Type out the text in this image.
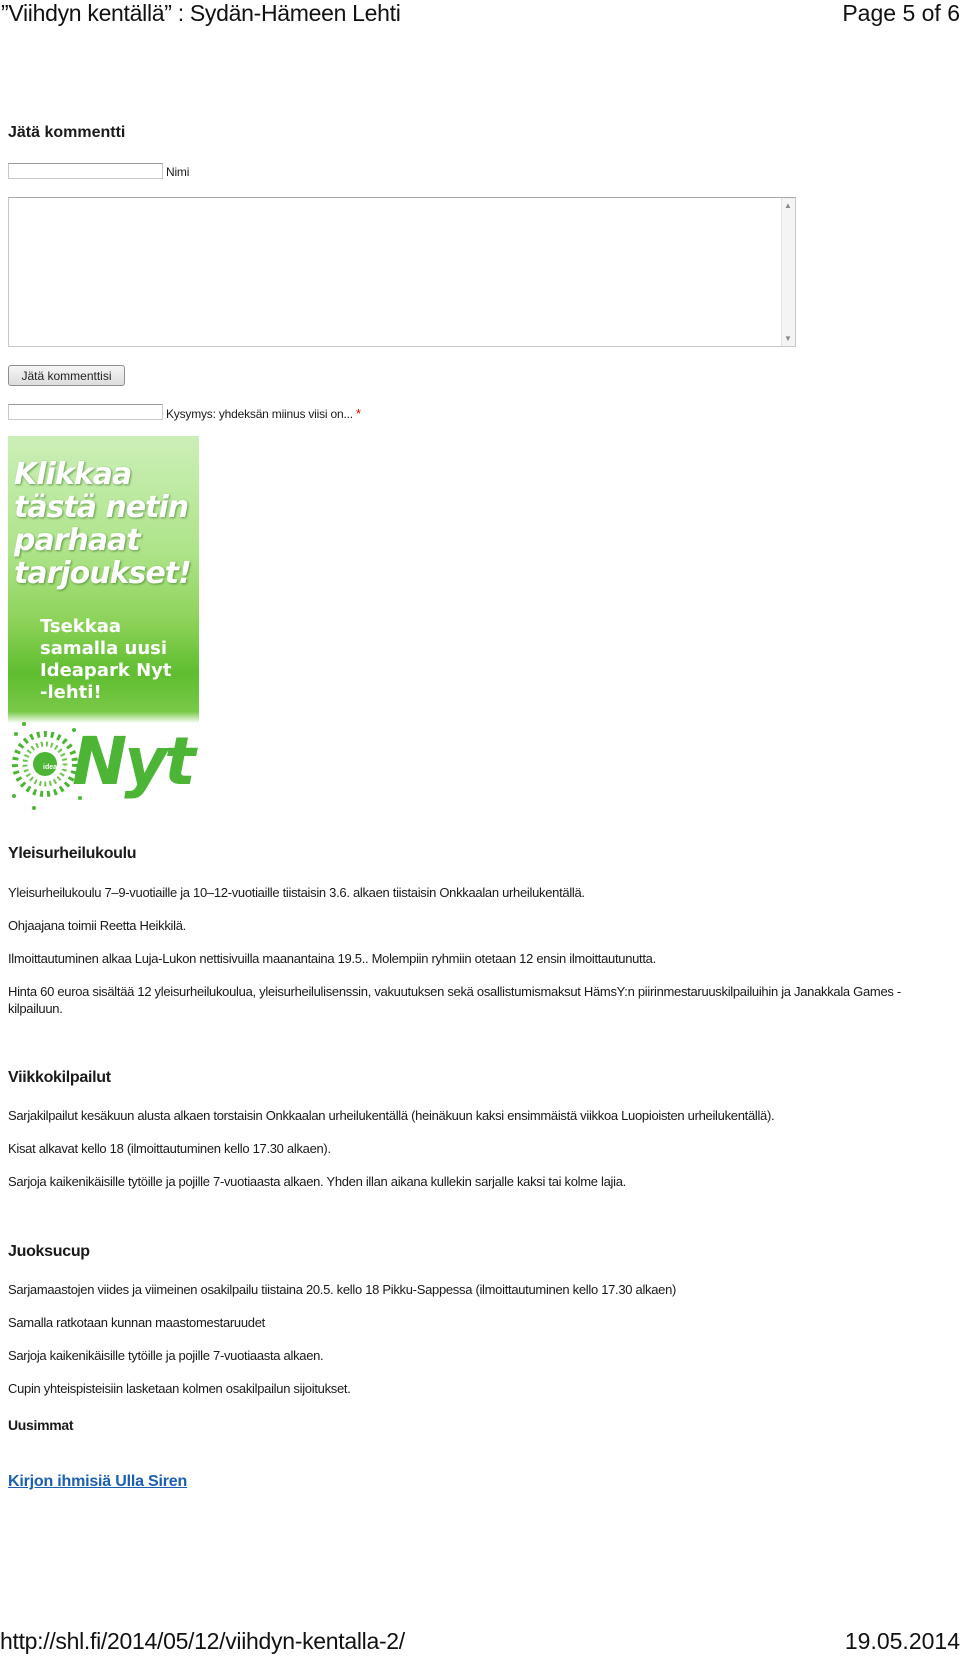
”Viihdyn kentällä” : Sydän-Hämeen Lehti	Page 5 of 6
Jätä kommentti
Nimi
▲
▼
Jätä kommenttisi
Kysymys: yhdeksän miinus viisi on... *
Klikkaa
tästä netin
parhaat
tarjoukset!
Tsekkaa
samalla uusi
Ideapark Nyt
-lehti!
ideapark Nyt
Yleisurheilukoulu

Yleisurheilukoulu 7–9-vuotiaille ja 10–12-vuotiaille tiistaisin 3.6. alkaen tiistaisin Onkkaalan urheilukentällä.

Ohjaajana toimii Reetta Heikkilä.

Ilmoittautuminen alkaa Luja-Lukon nettisivuilla maanantaina 19.5.. Molempiin ryhmiin otetaan 12 ensin ilmoittautunutta.

Hinta 60 euroa sisältää 12 yleisurheilukoulua, yleisurheilulisenssin, vakuutuksen sekä osallistumismaksut HämsY:n piirinmestaruuskilpailuihin ja Janakkala Games -kilpailuun.

Viikkokilpailut

Sarjakilpailut kesäkuun alusta alkaen torstaisin Onkkaalan urheilukentällä (heinäkuun kaksi ensimmäistä viikkoa Luopioisten urheilukentällä).

Kisat alkavat kello 18 (ilmoittautuminen kello 17.30 alkaen).

Sarjoja kaikenikäisille tytöille ja pojille 7-vuotiaasta alkaen. Yhden illan aikana kullekin sarjalle kaksi tai kolme lajia.

Juoksucup

Sarjamaastojen viides ja viimeinen osakilpailu tiistaina 20.5. kello 18 Pikku-Sappessa (ilmoittautuminen kello 17.30 alkaen)

Samalla ratkotaan kunnan maastomestaruudet

Sarjoja kaikenikäisille tytöille ja pojille 7-vuotiaasta alkaen.

Cupin yhteispisteisiin lasketaan kolmen osakilpailun sijoitukset.

Uusimmat
Kirjon ihmisiä Ulla Siren
http://shl.fi/2014/05/12/viihdyn-kentalla-2/	19.05.2014
